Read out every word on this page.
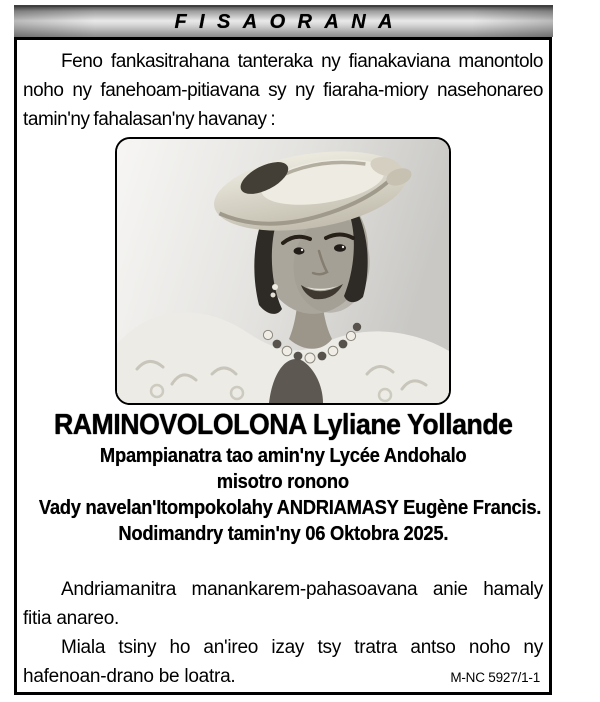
FISAORANA

Feno fankasitrahana tanteraka ny fianakaviana manontolo noho ny fanehoam-pitiavana sy ny fiaraha-miory nasehonareo tamin'ny fahalasan'ny havanay :

RAMINOVOLOLONA Lyliane Yollande
Mpampianatra tao amin'ny Lycée Andohalo
misotro ronono
Vady navelan'Itompokolahy ANDRIAMASY Eugène Francis.
Nodimandry tamin'ny 06 Oktobra 2025.

Andriamanitra manankarem-pahasoavana anie hamaly fitia anareo.

Miala tsiny ho an'ireo izay tsy tratra antso noho ny hafenoan-drano be loatra.	M-NC 5927/1-1
